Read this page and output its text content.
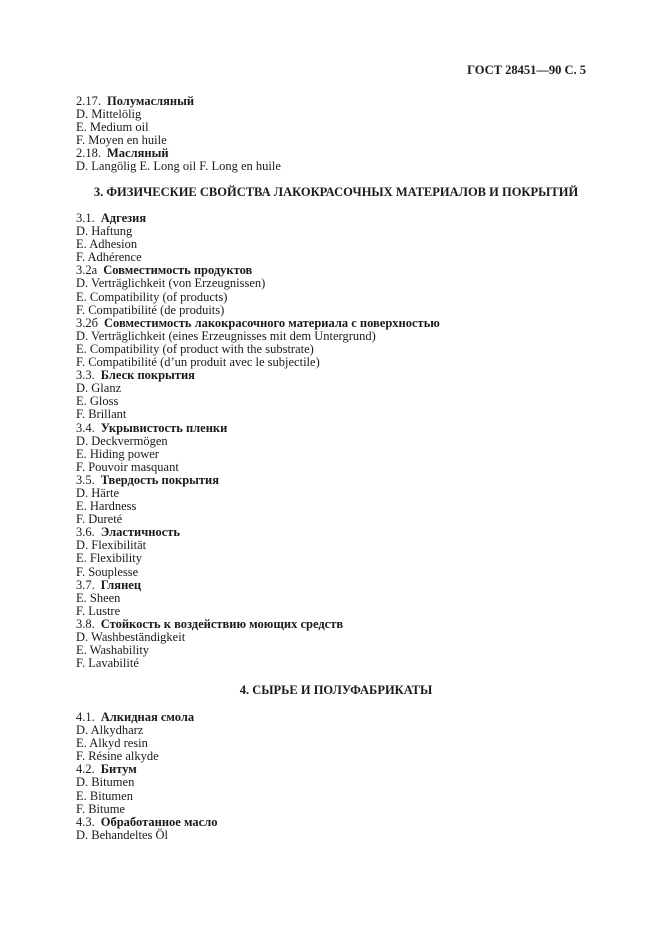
ГОСТ 28451—90 С. 5
2.17. Полумасляный
D. Mittelölig
E. Medium oil
F. Moyen en huile
2.18. Масляный
D. Langölig E. Long oil F. Long en huile
3. ФИЗИЧЕСКИЕ СВОЙСТВА ЛАКОКРАСОЧНЫХ МАТЕРИАЛОВ И ПОКРЫТИЙ
3.1. Адгезия
D. Haftung
E. Adhesion
F. Adhérence
3.2а Совместимость продуктов
D. Verträglichkeit (von Erzeugnissen)
E. Compatibility (of products)
F. Compatibilité (de produits)
3.2б Совместимость лакокрасочного материала с поверхностью
D. Verträglichkeit (eines Erzeugnisses mit dem Untergrund)
E. Compatibility (of product with the substrate)
F. Compatibilité (d’un produit avec le subjectile)
3.3. Блеск покрытия
D. Glanz
E. Gloss
F. Brillant
3.4. Укрывистость пленки
D. Deckvermögen
E. Hiding power
F. Pouvoir masquant
3.5. Твердость покрытия
D. Härte
E. Hardness
F. Dureté
3.6. Эластичность
D. Flexibilität
E. Flexibility
F. Souplesse
3.7. Глянец
E. Sheen
F. Lustre
3.8. Стойкость к воздействию моющих средств
D. Washbeständigkeit
E. Washability
F. Lavabilité
4. СЫРЬЕ И ПОЛУФАБРИКАТЫ
4.1. Алкидная смола
D. Alkydharz
E. Alkyd resin
F. Résine alkyde
4.2. Битум
D. Bitumen
E. Bitumen
F. Bitume
4.3. Обработанное масло
D. Behandeltes Öl
